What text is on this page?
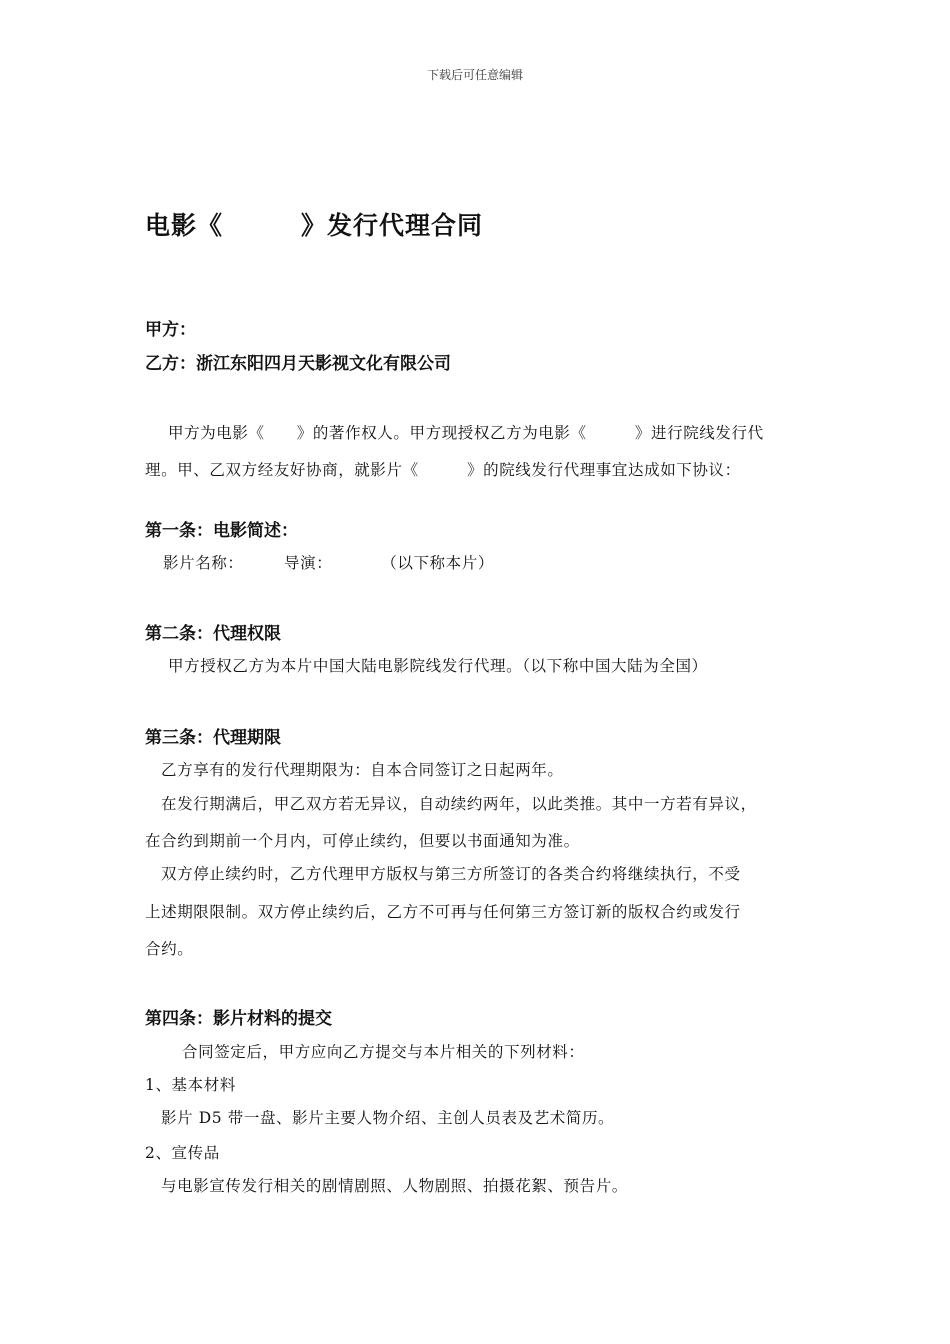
下载后可任意编辑
电影《　　　》发行代理合同
甲方：
乙方：浙江东阳四月天影视文化有限公司
甲方为电影《　　》的著作权人。甲方现授权乙方为电影《　　　》进行院线发行代
理。甲、乙双方经友好协商，就影片《　　　》的院线发行代理事宜达成如下协议：
第一条：电影简述：
影片名称：　　　导演：　　　　（以下称本片）
第二条：代理权限
甲方授权乙方为本片中国大陆电影院线发行代理。（以下称中国大陆为全国）
第三条：代理期限
乙方享有的发行代理期限为：自本合同签订之日起两年。
在发行期满后，甲乙双方若无异议，自动续约两年，以此类推。其中一方若有异议，
在合约到期前一个月内，可停止续约，但要以书面通知为准。
双方停止续约时，乙方代理甲方版权与第三方所签订的各类合约将继续执行，不受
上述期限限制。双方停止续约后，乙方不可再与任何第三方签订新的版权合约或发行
合约。
第四条：影片材料的提交
合同签定后，甲方应向乙方提交与本片相关的下列材料：
1、基本材料
影片 D5 带一盘、影片主要人物介绍、主创人员表及艺术简历。
2、宣传品
与电影宣传发行相关的剧情剧照、人物剧照、拍摄花絮、预告片。
